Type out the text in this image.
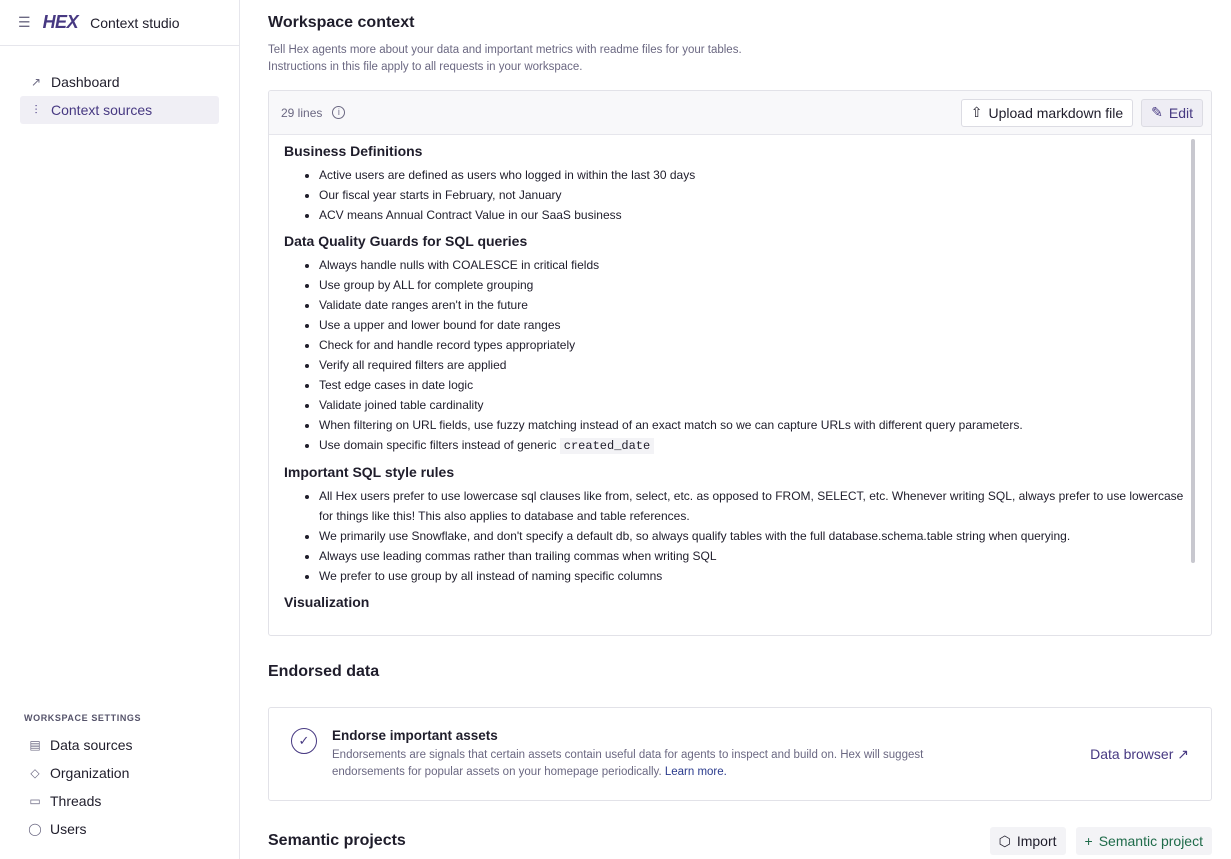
☰ HEX Context studio
↗ Dashboard
⫶ Context sources
WORKSPACE SETTINGS
▤ Data sources
◇ Organization
▭ Threads
◯ Users
Workspace context
Tell Hex agents more about your data and important metrics with readme files for your tables.
Instructions in this file apply to all requests in your workspace.
29 lines	i	⇧ Upload markdown file ✎ Edit
Business Definitions
• Active users are defined as users who logged in within the last 30 days
• Our fiscal year starts in February, not January
• ACV means Annual Contract Value in our SaaS business
Data Quality Guards for SQL queries
• Always handle nulls with COALESCE in critical fields
• Use group by ALL for complete grouping
• Validate date ranges aren't in the future
• Use a upper and lower bound for date ranges
• Check for and handle record types appropriately
• Verify all required filters are applied
• Test edge cases in date logic
• Validate joined table cardinality
• When filtering on URL fields, use fuzzy matching instead of an exact match so we can capture URLs with different query parameters.
• Use domain specific filters instead of generic created_date
Important SQL style rules
• All Hex users prefer to use lowercase sql clauses like from, select, etc. as opposed to FROM, SELECT, etc. Whenever writing SQL, always prefer to use lowercase for things like this! This also applies to database and table references.
• We primarily use Snowflake, and don't specify a default db, so always qualify tables with the full database.schema.table string when querying.
• Always use leading commas rather than trailing commas when writing SQL
• We prefer to use group by all instead of naming specific columns
Visualization
Endorsed data
✓	Endorse important assets
Endorsements are signals that certain assets contain useful data for agents to inspect and build on. Hex will suggest endorsements for popular assets on your homepage periodically. Learn more.
Data browser ↗
Semantic projects	⬡ Import + Semantic project
